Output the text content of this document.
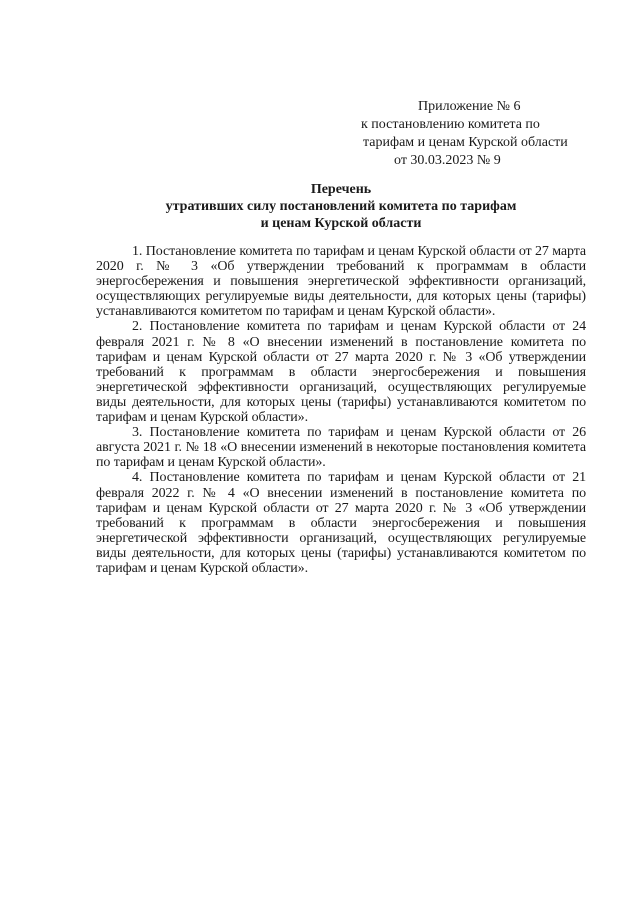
Приложение № 6
к постановлению комитета по
тарифам и ценам Курской области
от 30.03.2023 № 9
Перечень
утративших силу постановлений комитета по тарифам
и ценам Курской области

1. Постановление комитета по тарифам и ценам Курской области от 27 марта 2020 г. № 3 «Об утверждении требований к программам в области энергосбережения и повышения энергетической эффективности организаций, осуществляющих регулируемые виды деятельности, для которых цены (тарифы) устанавливаются комитетом по тарифам и ценам Курской области».

2. Постановление комитета по тарифам и ценам Курской области от 24 февраля 2021 г. № 8 «О внесении изменений в постановление комитета по тарифам и ценам Курской области от 27 марта 2020 г. № 3 «Об утверждении требований к программам в области энергосбережения и повышения энергетической эффективности организаций, осуществляющих регулируемые виды деятельности, для которых цены (тарифы) устанавливаются комитетом по тарифам и ценам Курской области».

3. Постановление комитета по тарифам и ценам Курской области от 26 августа 2021 г. № 18 «О внесении изменений в некоторые постановления комитета по тарифам и ценам Курской области».

4. Постановление комитета по тарифам и ценам Курской области от 21 февраля 2022 г. № 4 «О внесении изменений в постановление комитета по тарифам и ценам Курской области от 27 марта 2020 г. № 3 «Об утверждении требований к программам в области энергосбережения и повышения энергетической эффективности организаций, осуществляющих регулируемые виды деятельности, для которых цены (тарифы) устанавливаются комитетом по тарифам и ценам Курской области».
